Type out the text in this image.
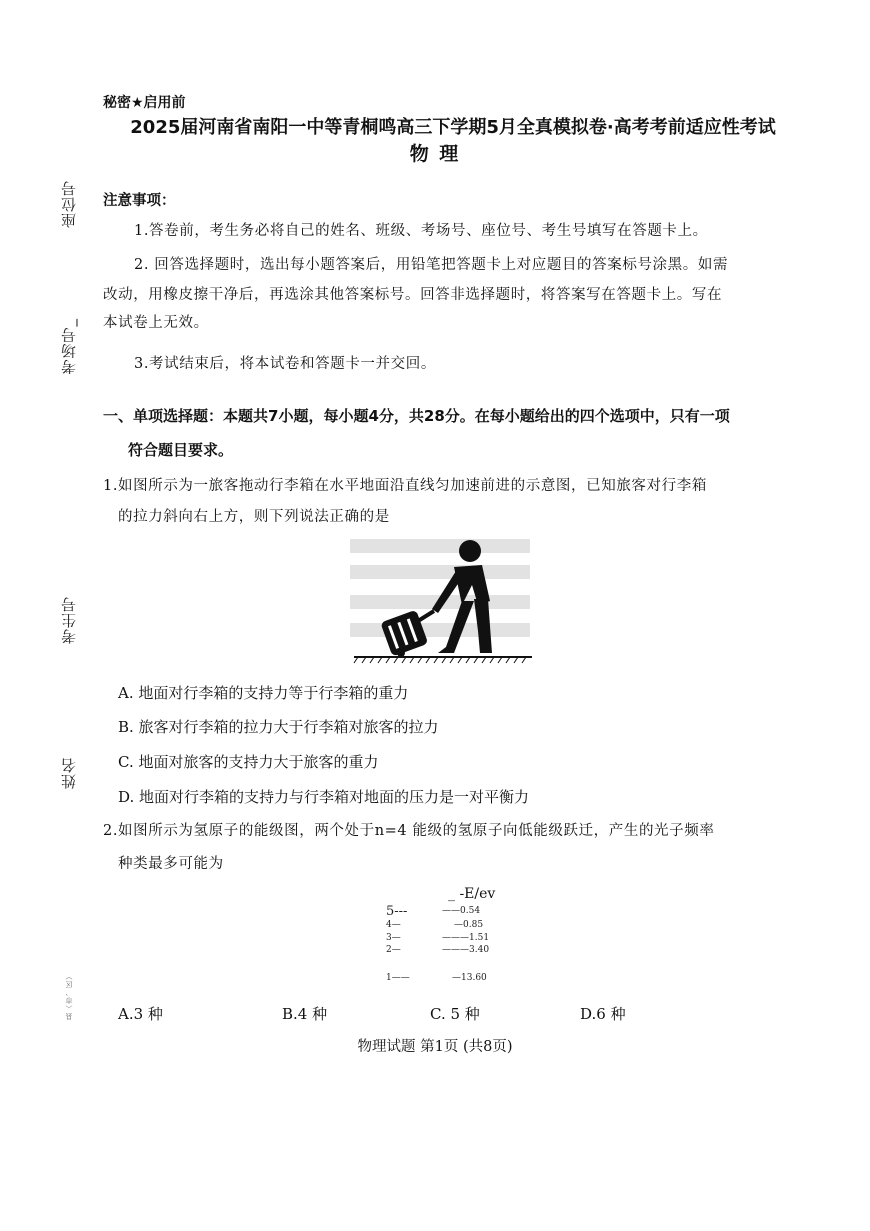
座位号
考场号_
考生号
姓名
县（市、区）
秘密★启用前
2025届河南省南阳一中等青桐鸣高三下学期5月全真模拟卷·高考考前适应性考试
物 理
注意事项：
1.答卷前，考生务必将自己的姓名、班级、考场号、座位号、考生号填写在答题卡上。
2. 回答选择题时，选出每小题答案后，用铅笔把答题卡上对应题目的答案标号涂黑。如需
改动，用橡皮擦干净后，再选涂其他答案标号。回答非选择题时，将答案写在答题卡上。写在
本试卷上无效。
3.考试结束后，将本试卷和答题卡一并交回。
一、单项选择题：本题共7小题，每小题4分，共28分。在每小题给出的四个选项中，只有一项
符合题目要求。
1.如图所示为一旅客拖动行李箱在水平地面沿直线匀加速前进的示意图，已知旅客对行李箱
的拉力斜向右上方，则下列说法正确的是
A. 地面对行李箱的支持力等于行李箱的重力
B. 旅客对行李箱的拉力大于行李箱对旅客的拉力
C. 地面对旅客的支持力大于旅客的重力
D. 地面对行李箱的支持力与行李箱对地面的压力是一对平衡力
2.如图所示为氢原子的能级图，两个处于n=4 能级的氢原子向低能级跃迁，产生的光子频率
种类最多可能为
_ -E/ev
5---	——0.54
4—	—0.85
3—	———1.51
2—	———3.40
1——	—13.60
A.3 种	B.4 种	C. 5 种	D.6 种
物理试题 第1页 (共8页)
